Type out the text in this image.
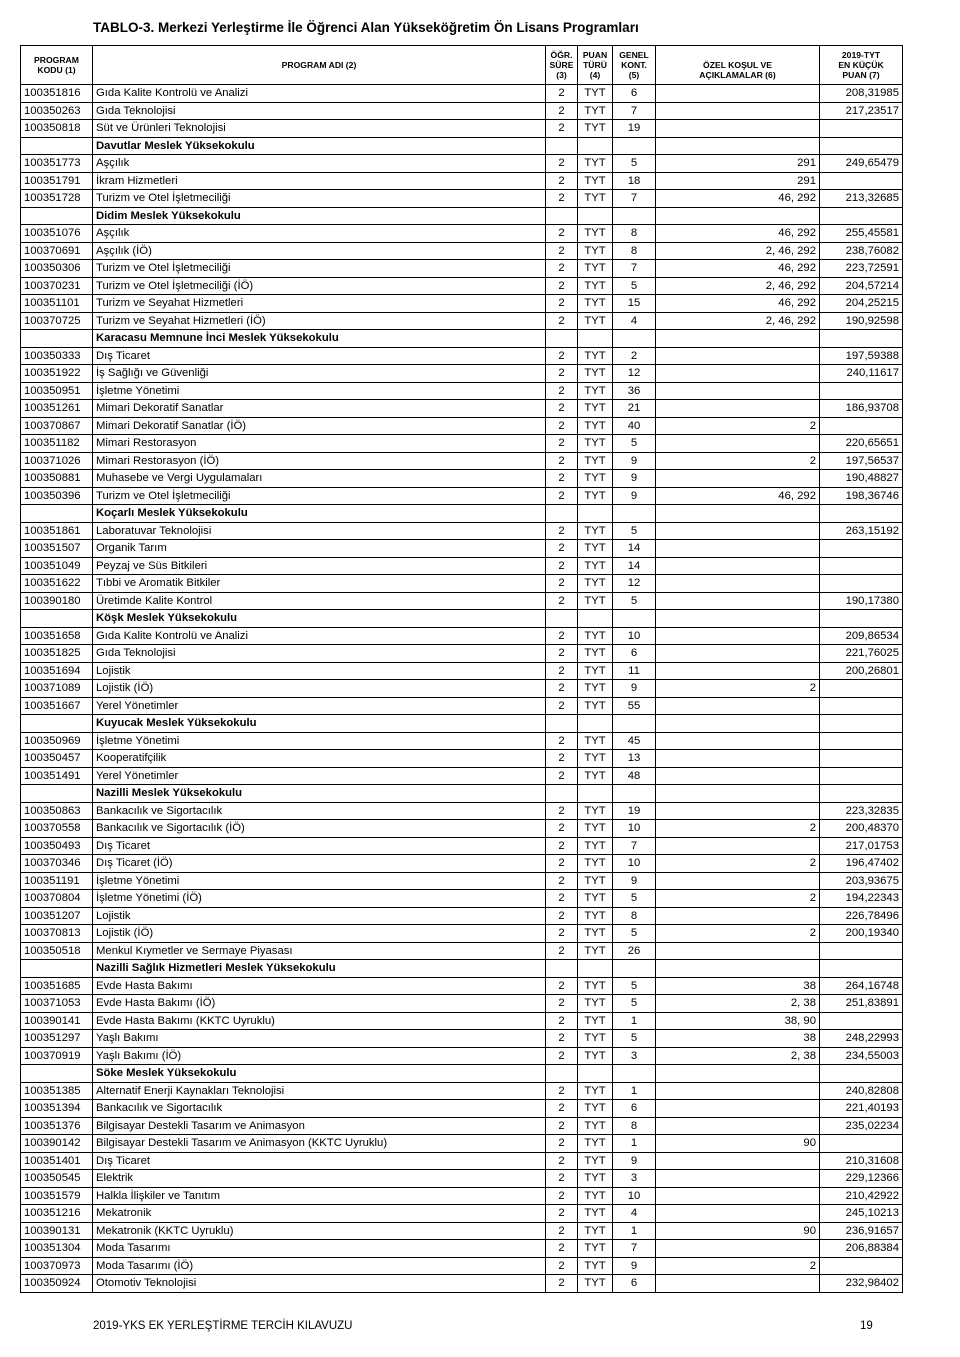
TABLO-3. Merkezi Yerleştirme İle Öğrenci Alan Yükseköğretim Ön Lisans Programları
PROGRAM
KODU (1)	PROGRAM ADI (2)	ÖĞR.
SÜRE
(3)	PUAN
TÜRÜ
(4)	GENEL
KONT.
(5)	ÖZEL KOŞUL VE
AÇIKLAMALAR (6)	2019-TYT
EN KÜÇÜK
PUAN (7)
100351816	Gıda Kalite Kontrolü ve Analizi	2	TYT	6		208,31985
100350263	Gıda Teknolojisi	2	TYT	7		217,23517
100350818	Süt ve Ürünleri Teknolojisi	2	TYT	19		
	Davutlar Meslek Yüksekokulu					
100351773	Aşçılık	2	TYT	5	291	249,65479
100351791	İkram Hizmetleri	2	TYT	18	291	
100351728	Turizm ve Otel İşletmeciliği	2	TYT	7	46, 292	213,32685
	Didim Meslek Yüksekokulu					
100351076	Aşçılık	2	TYT	8	46, 292	255,45581
100370691	Aşçılık (İÖ)	2	TYT	8	2, 46, 292	238,76082
100350306	Turizm ve Otel İşletmeciliği	2	TYT	7	46, 292	223,72591
100370231	Turizm ve Otel İşletmeciliği (İÖ)	2	TYT	5	2, 46, 292	204,57214
100351101	Turizm ve Seyahat Hizmetleri	2	TYT	15	46, 292	204,25215
100370725	Turizm ve Seyahat Hizmetleri (İÖ)	2	TYT	4	2, 46, 292	190,92598
	Karacasu Memnune İnci Meslek Yüksekokulu					
100350333	Dış Ticaret	2	TYT	2		197,59388
100351922	İş Sağlığı ve Güvenliği	2	TYT	12		240,11617
100350951	İşletme Yönetimi	2	TYT	36		
100351261	Mimari Dekoratif Sanatlar	2	TYT	21		186,93708
100370867	Mimari Dekoratif Sanatlar (İÖ)	2	TYT	40	2	
100351182	Mimari Restorasyon	2	TYT	5		220,65651
100371026	Mimari Restorasyon (İÖ)	2	TYT	9	2	197,56537
100350881	Muhasebe ve Vergi Uygulamaları	2	TYT	9		190,48827
100350396	Turizm ve Otel İşletmeciliği	2	TYT	9	46, 292	198,36746
	Koçarlı Meslek Yüksekokulu					
100351861	Laboratuvar Teknolojisi	2	TYT	5		263,15192
100351507	Organik Tarım	2	TYT	14		
100351049	Peyzaj ve Süs Bitkileri	2	TYT	14		
100351622	Tıbbi ve Aromatik Bitkiler	2	TYT	12		
100390180	Üretimde Kalite Kontrol	2	TYT	5		190,17380
	Köşk Meslek Yüksekokulu					
100351658	Gıda Kalite Kontrolü ve Analizi	2	TYT	10		209,86534
100351825	Gıda Teknolojisi	2	TYT	6		221,76025
100351694	Lojistik	2	TYT	11		200,26801
100371089	Lojistik (İÖ)	2	TYT	9	2	
100351667	Yerel Yönetimler	2	TYT	55		
	Kuyucak Meslek Yüksekokulu					
100350969	İşletme Yönetimi	2	TYT	45		
100350457	Kooperatifçilik	2	TYT	13		
100351491	Yerel Yönetimler	2	TYT	48		
	Nazilli Meslek Yüksekokulu					
100350863	Bankacılık ve Sigortacılık	2	TYT	19		223,32835
100370558	Bankacılık ve Sigortacılık (İÖ)	2	TYT	10	2	200,48370
100350493	Dış Ticaret	2	TYT	7		217,01753
100370346	Dış Ticaret (İÖ)	2	TYT	10	2	196,47402
100351191	İşletme Yönetimi	2	TYT	9		203,93675
100370804	İşletme Yönetimi (İÖ)	2	TYT	5	2	194,22343
100351207	Lojistik	2	TYT	8		226,78496
100370813	Lojistik (İÖ)	2	TYT	5	2	200,19340
100350518	Menkul Kıymetler ve Sermaye Piyasası	2	TYT	26		
	Nazilli Sağlık Hizmetleri Meslek Yüksekokulu					
100351685	Evde Hasta Bakımı	2	TYT	5	38	264,16748
100371053	Evde Hasta Bakımı (İÖ)	2	TYT	5	2, 38	251,83891
100390141	Evde Hasta Bakımı (KKTC Uyruklu)	2	TYT	1	38, 90	
100351297	Yaşlı Bakımı	2	TYT	5	38	248,22993
100370919	Yaşlı Bakımı (İÖ)	2	TYT	3	2, 38	234,55003
	Söke Meslek Yüksekokulu					
100351385	Alternatif Enerji Kaynakları Teknolojisi	2	TYT	1		240,82808
100351394	Bankacılık ve Sigortacılık	2	TYT	6		221,40193
100351376	Bilgisayar Destekli Tasarım ve Animasyon	2	TYT	8		235,02234
100390142	Bilgisayar Destekli Tasarım ve Animasyon (KKTC Uyruklu)	2	TYT	1	90	
100351401	Dış Ticaret	2	TYT	9		210,31608
100350545	Elektrik	2	TYT	3		229,12366
100351579	Halkla İlişkiler ve Tanıtım	2	TYT	10		210,42922
100351216	Mekatronik	2	TYT	4		245,10213
100390131	Mekatronik (KKTC Uyruklu)	2	TYT	1	90	236,91657
100351304	Moda Tasarımı	2	TYT	7		206,88384
100370973	Moda Tasarımı (İÖ)	2	TYT	9	2	
100350924	Otomotiv Teknolojisi	2	TYT	6		232,98402
2019-YKS EK YERLEŞTİRME TERCİH KILAVUZU	19
